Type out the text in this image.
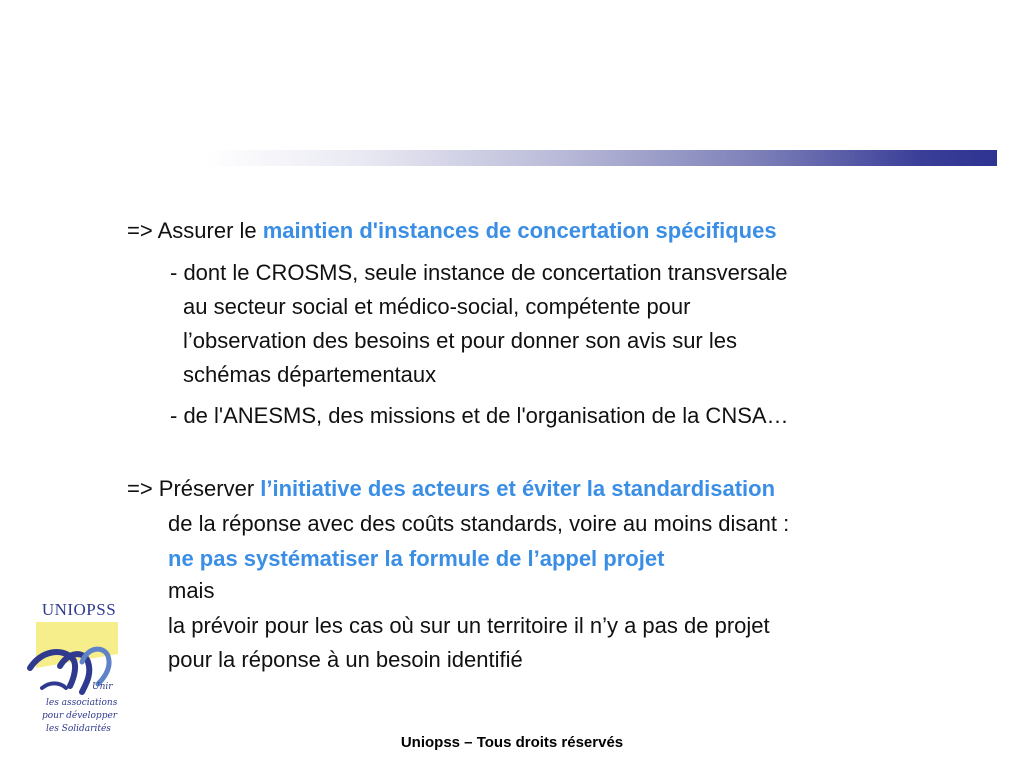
=> Assurer le maintien d'instances de concertation spécifiques
- dont le CROSMS, seule instance de concertation transversale
au secteur social et médico-social, compétente pour
l’observation des besoins et pour donner son avis sur les
schémas départementaux
- de l'ANESMS, des missions et de l'organisation de la CNSA…
=> Préserver l’initiative des acteurs et éviter la standardisation
de la réponse avec des coûts standards, voire au moins disant :
ne pas systématiser la formule de l’appel projet
mais
la prévoir pour les cas où sur un territoire il n’y a pas de projet
pour la réponse à un besoin identifié
UNIOPSS
Unir
les associations
pour développer
les Solidarités
Uniopss – Tous droits réservés
